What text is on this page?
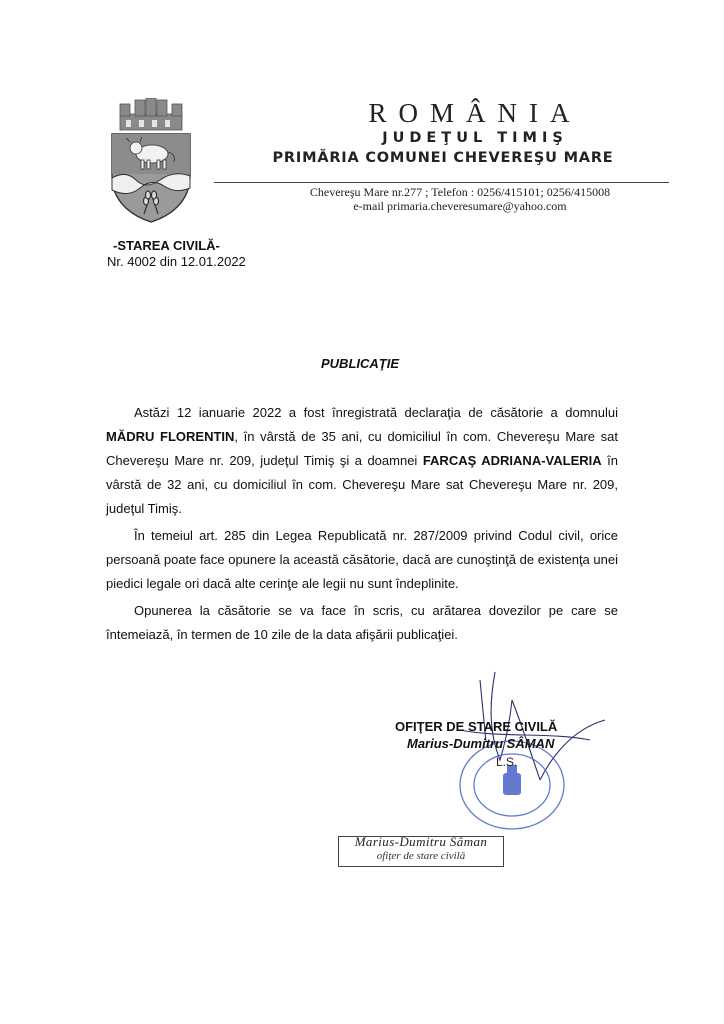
ROMÂNIA
JUDEŢUL TIMIŞ
PRIMĂRIA COMUNEI CHEVEREŞU MARE
Chevereşu Mare nr.277 ; Telefon : 0256/415101; 0256/415008
e-mail primaria.cheveresumare@yahoo.com
-STAREA CIVILĂ-
Nr. 4002 din 12.01.2022
PUBLICAŢIE

Astăzi 12 ianuarie 2022 a fost înregistrată declaraţia de căsătorie a domnului MĂDRU FLORENTIN, în vârstă de 35 ani, cu domiciliul în com. Chevereşu Mare sat Chevereşu Mare nr. 209, judeţul Timiş şi a doamnei FARCAŞ ADRIANA-VALERIA în vârstă de 32 ani, cu domiciliul în com. Chevereşu Mare sat Chevereşu Mare nr. 209, judeţul Timiş.

În temeiul art. 285 din Legea Republicată nr. 287/2009 privind Codul civil, orice persoană poate face opunere la această căsătorie, dacă are cunoştinţă de existenţa unei piedici legale ori dacă alte cerinţe ale legii nu sunt îndeplinite.

Opunerea la căsătorie se va face în scris, cu arătarea dovezilor pe care se întemeiază, în termen de 10 zile de la data afişării publicaţiei.

OFIŢER DE STARE CIVILĂ
Marius-Dumitru SÂMAN
L.S.
Marius-Dumitru Sâman
ofițer de stare civilă
